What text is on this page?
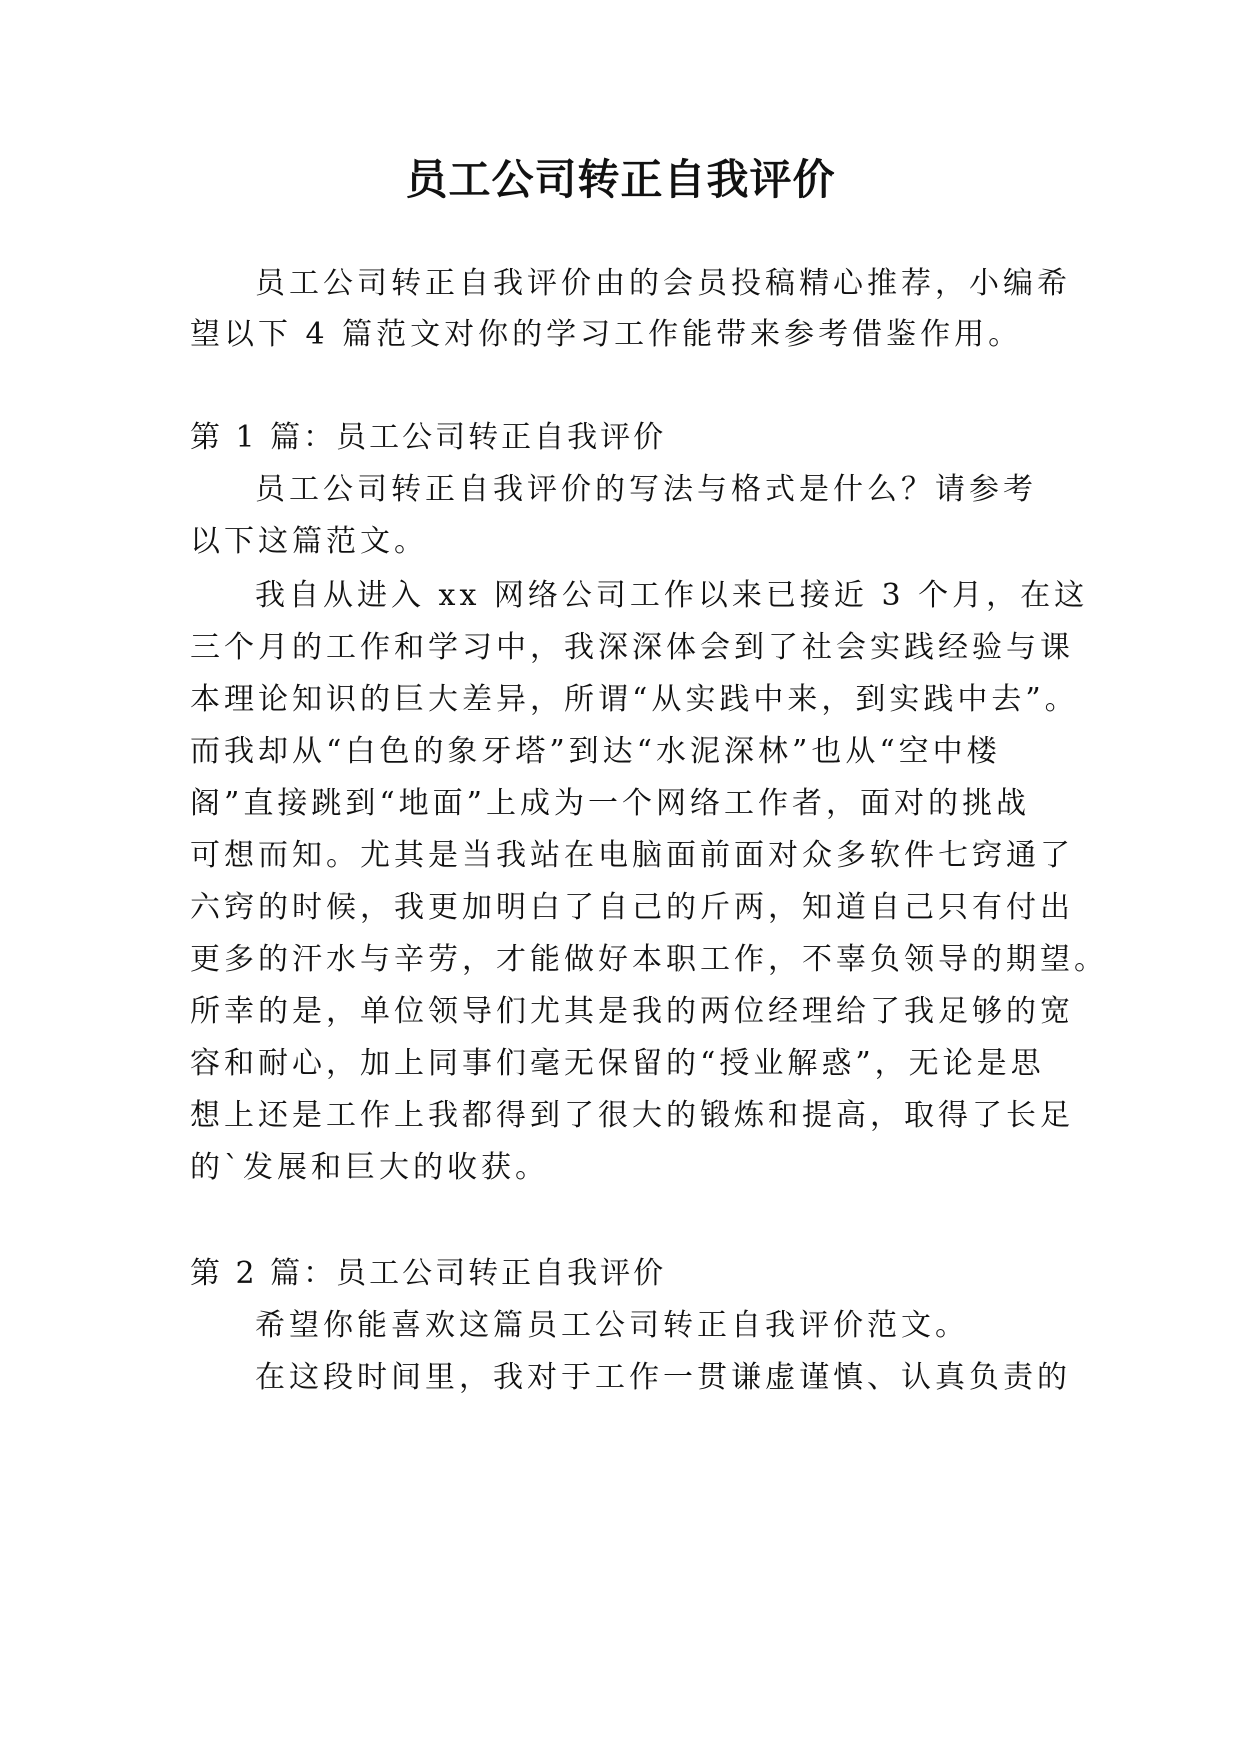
员工公司转正自我评价
员工公司转正自我评价由的会员投稿精心推荐，小编希
望以下 4 篇范文对你的学习工作能带来参考借鉴作用。
第 1 篇：员工公司转正自我评价
员工公司转正自我评价的写法与格式是什么？请参考
以下这篇范文。
我自从进入 xx 网络公司工作以来已接近 3 个月，在这
三个月的工作和学习中，我深深体会到了社会实践经验与课
本理论知识的巨大差异，所谓“从实践中来，到实践中去”。
而我却从“白色的象牙塔”到达“水泥深林”也从“空中楼
阁”直接跳到“地面”上成为一个网络工作者，面对的挑战
可想而知。尤其是当我站在电脑面前面对众多软件七窍通了
六窍的时候，我更加明白了自己的斤两，知道自己只有付出
更多的汗水与辛劳，才能做好本职工作，不辜负领导的期望。
所幸的是，单位领导们尤其是我的两位经理给了我足够的宽
容和耐心，加上同事们毫无保留的“授业解惑”，无论是思
想上还是工作上我都得到了很大的锻炼和提高，取得了长足
的`发展和巨大的收获。
第 2 篇：员工公司转正自我评价
希望你能喜欢这篇员工公司转正自我评价范文。
在这段时间里，我对于工作一贯谦虚谨慎、认真负责的
